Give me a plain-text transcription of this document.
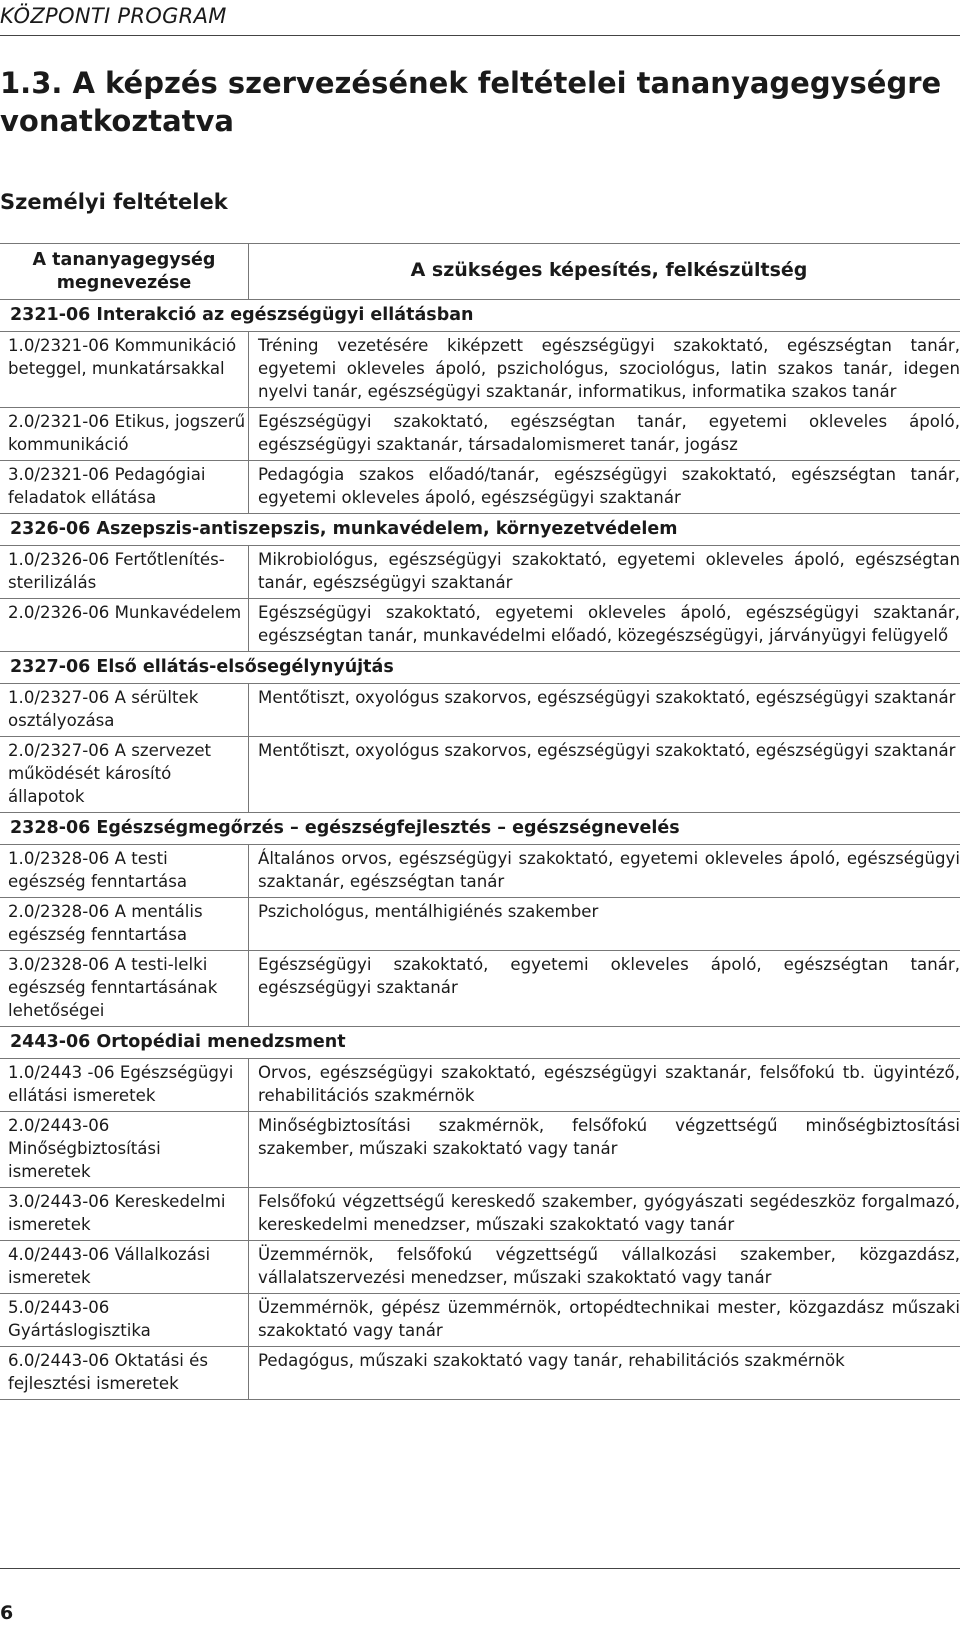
KÖZPONTI PROGRAM
1.3. A képzés szervezésének feltételei tananyagegységre vonatkoztatva
Személyi feltételek
A tananyagegység megnevezése	A szükséges képesítés, felkészültség
2321-06 Interakció az egészségügyi ellátásban	
1.0/2321-06 Kommunikáció beteggel, munkatársakkal	Tréning vezetésére kiképzett egészségügyi szakoktató, egészségtan tanár, egyetemi okleveles ápoló, pszichológus, szociológus, latin szakos tanár, idegen nyelvi tanár, egészségügyi szaktanár, informatikus, informatika szakos tanár
2.0/2321-06 Etikus, jogszerű kommunikáció	Egészségügyi szakoktató, egészségtan tanár, egyetemi okleveles ápoló, egészségügyi szaktanár, társadalomismeret tanár, jogász
3.0/2321-06 Pedagógiai feladatok ellátása	Pedagógia szakos előadó/tanár, egészségügyi szakoktató, egészségtan tanár, egyetemi okleveles ápoló, egészségügyi szaktanár
2326-06 Aszepszis-antiszepszis, munkavédelem, környezetvédelem	
1.0/2326-06 Fertőtlenítés-sterilizálás	Mikrobiológus, egészségügyi szakoktató, egyetemi okleveles ápoló, egészségtan tanár, egészségügyi szaktanár
2.0/2326-06 Munkavédelem	Egészségügyi szakoktató, egyetemi okleveles ápoló, egészségügyi szaktanár, egészségtan tanár, munkavédelmi előadó, közegészségügyi, járványügyi felügyelő
2327-06 Első ellátás-elsősegélynyújtás	
1.0/2327-06 A sérültek osztályozása	Mentőtiszt, oxyológus szakorvos, egészségügyi szakoktató, egészségügyi szaktanár
2.0/2327-06 A szervezet működését károsító állapotok	Mentőtiszt, oxyológus szakorvos, egészségügyi szakoktató, egészségügyi szaktanár
2328-06 Egészségmegőrzés – egészségfejlesztés – egészségnevelés	
1.0/2328-06 A testi egészség fenntartása	Általános orvos, egészségügyi szakoktató, egyetemi okleveles ápoló, egészségügyi szaktanár, egészségtan tanár
2.0/2328-06 A mentális egészség fenntartása	Pszichológus, mentálhigiénés szakember
3.0/2328-06 A testi-lelki egészség fenntartásának lehetőségei	Egészségügyi szakoktató, egyetemi okleveles ápoló, egészségtan tanár, egészségügyi szaktanár
2443-06 Ortopédiai menedzsment	
1.0/2443 -06 Egészségügyi ellátási ismeretek	Orvos, egészségügyi szakoktató, egészségügyi szaktanár, felsőfokú tb. ügyintéző, rehabilitációs szakmérnök
2.0/2443-06 Minőségbiztosítási ismeretek	Minőségbiztosítási szakmérnök, felsőfokú végzettségű minőségbiztosítási szakember, műszaki szakoktató vagy tanár
3.0/2443-06 Kereskedelmi ismeretek	Felsőfokú végzettségű kereskedő szakember, gyógyászati segédeszköz forgalmazó, kereskedelmi menedzser, műszaki szakoktató vagy tanár
4.0/2443-06 Vállalkozási ismeretek	Üzemmérnök, felsőfokú végzettségű vállalkozási szakember, közgazdász, vállalatszervezési menedzser, műszaki szakoktató vagy tanár
5.0/2443-06 Gyártáslogisztika	Üzemmérnök, gépész üzemmérnök, ortopédtechnikai mester, közgazdász műszaki szakoktató vagy tanár
6.0/2443-06 Oktatási és fejlesztési ismeretek	Pedagógus, műszaki szakoktató vagy tanár, rehabilitációs szakmérnök
6
